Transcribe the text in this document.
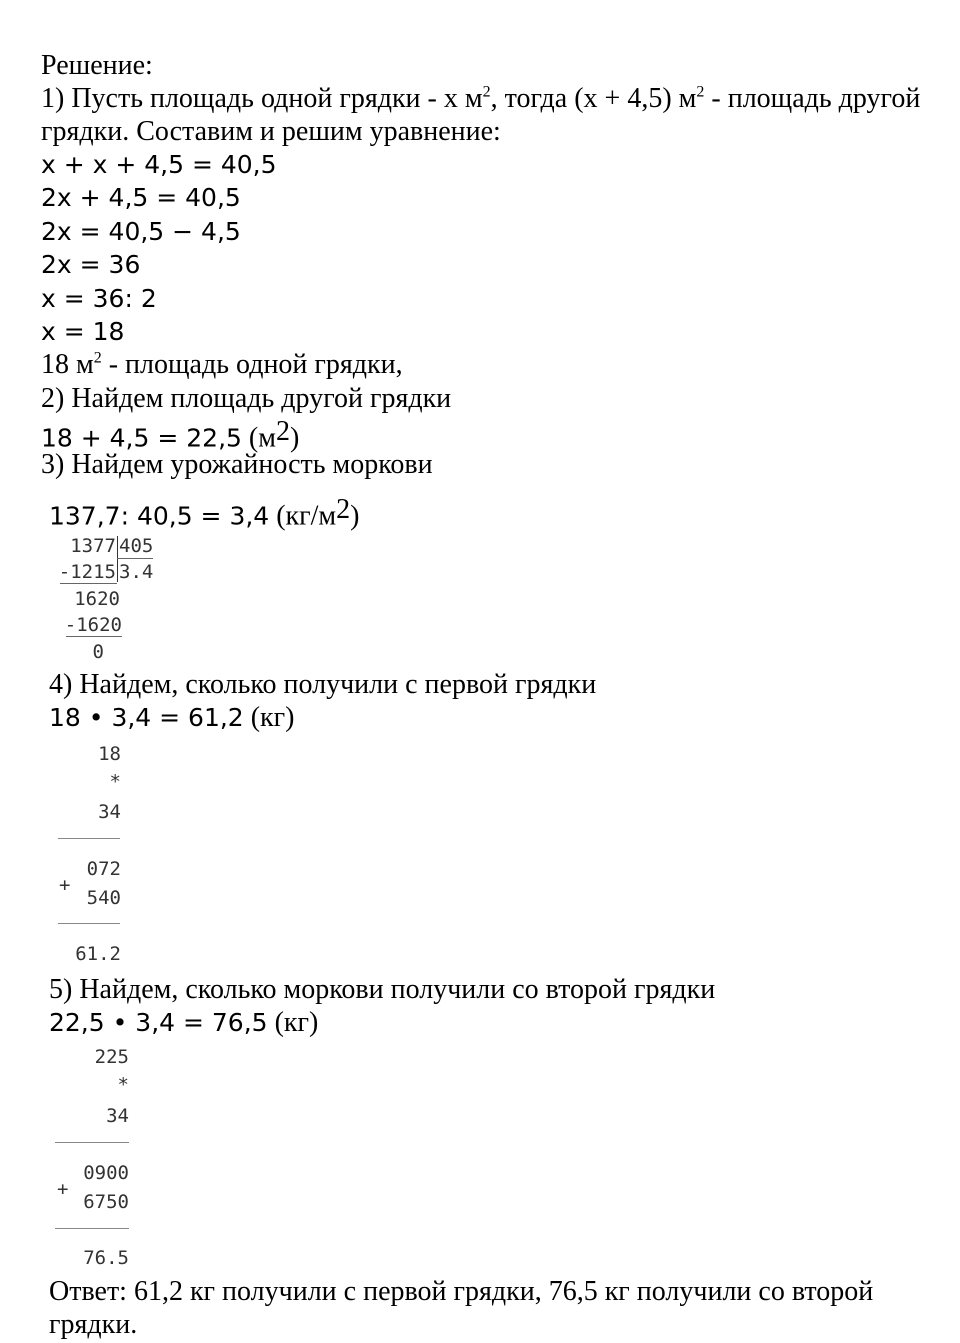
Решение:
1) Пусть площадь одной грядки - х $м^2$, тогда (х + 4,5) $м^2$ - площадь другой
грядки. Составим и решим уравнение:
x + x + 4,5 = 40,5
2x + 4,5 = 40,5
2x = 40,5 − 4,5
2x = 36
x = 36: 2
x = 18
18 $м^2$ - площадь одной грядки,
2) Найдем площадь другой грядки
18 + 4,5 = 22,5 $(м^2)$
3) Найдем урожайность моркови
137,7: 40,5 = 3,4 $(кг/м^2)$
1377 405
-1215 3.4
1620
-1620
0
4) Найдем, сколько получили с первой грядки
18 • 3,4 = 61,2 (кг)
18
*
34
+
072
540
61.2
5) Найдем, сколько моркови получили со второй грядки
22,5 • 3,4 = 76,5 (кг)
225
*
34
+
0900
6750
76.5
Ответ: 61,2 кг получили с первой грядки, 76,5 кг получили со второй
грядки.
